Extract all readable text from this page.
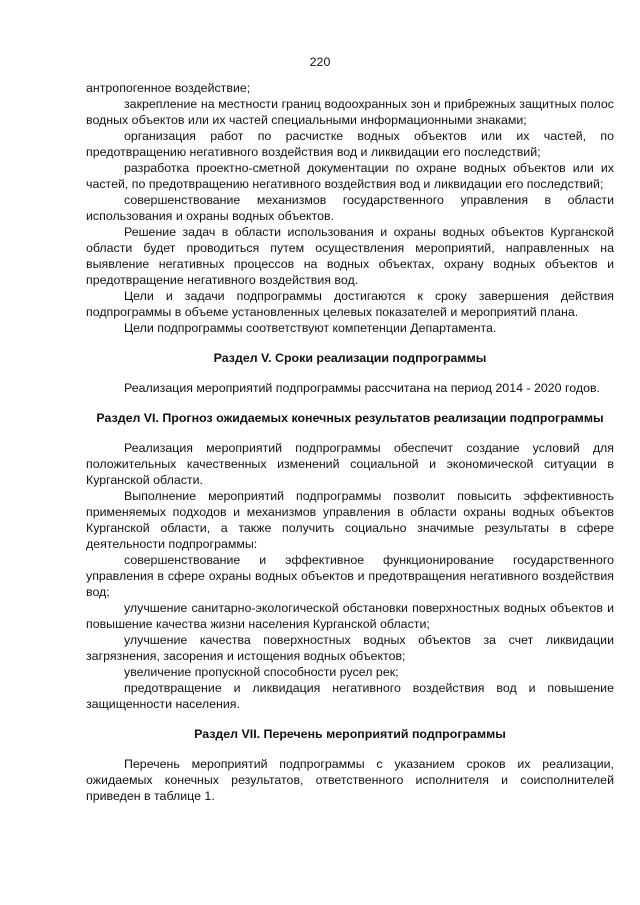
220

антропогенное воздействие;

закрепление на местности границ водоохранных зон и прибрежных защитных полос водных объектов или их частей специальными информационными знаками;

организация работ по расчистке водных объектов или их частей, по предотвращению негативного воздействия вод и ликвидации его последствий;

разработка проектно-сметной документации по охране водных объектов или их частей, по предотвращению негативного воздействия вод и ликвидации его последствий;

совершенствование механизмов государственного управления в области использования и охраны водных объектов.

Решение задач в области использования и охраны водных объектов Курганской области будет проводиться путем осуществления мероприятий, направленных на выявление негативных процессов на водных объектах, охрану водных объектов и предотвращение негативного воздействия вод.

Цели и задачи подпрограммы достигаются к сроку завершения действия подпрограммы в объеме установленных целевых показателей и мероприятий плана.

Цели подпрограммы соответствуют компетенции Департамента.

Раздел V. Сроки реализации подпрограммы

Реализация мероприятий подпрограммы рассчитана на период 2014 - 2020 годов.

Раздел VI. Прогноз ожидаемых конечных результатов реализации подпрограммы

Реализация мероприятий подпрограммы обеспечит создание условий для положительных качественных изменений социальной и экономической ситуации в Курганской области.

Выполнение мероприятий подпрограммы позволит повысить эффективность применяемых подходов и механизмов управления в области охраны водных объектов Курганской области, а также получить социально значимые результаты в сфере деятельности подпрограммы:

совершенствование и эффективное функционирование государственного управления в сфере охраны водных объектов и предотвращения негативного воздействия вод;

улучшение санитарно-экологической обстановки поверхностных водных объектов и повышение качества жизни населения Курганской области;

улучшение качества поверхностных водных объектов за счет ликвидации загрязнения, засорения и истощения водных объектов;

увеличение пропускной способности русел рек;

предотвращение и ликвидация негативного воздействия вод и повышение защищенности населения.

Раздел VII. Перечень мероприятий подпрограммы

Перечень мероприятий подпрограммы с указанием сроков их реализации, ожидаемых конечных результатов, ответственного исполнителя и соисполнителей приведен в таблице 1.
